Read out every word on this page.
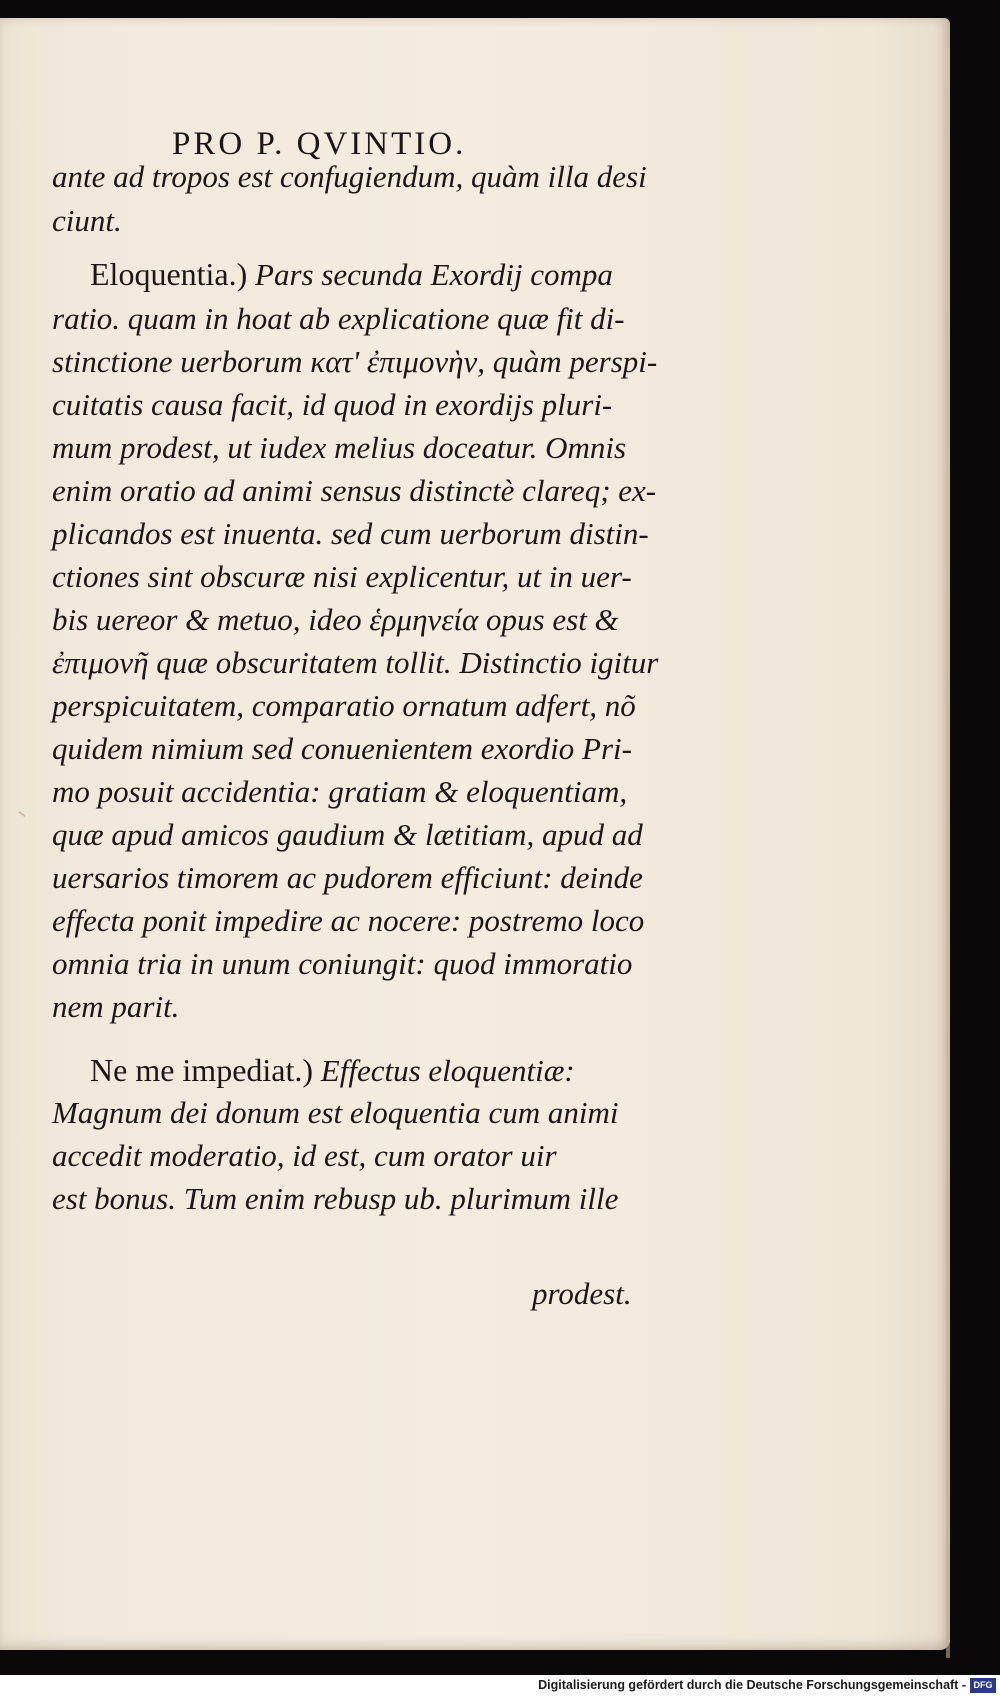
PRO P. QVINTIO.
ante ad tropos est confugiendum, quàm illa desi
ciunt.
Eloquentia.) Pars secunda Exordij compa
ratio. quam in hoat ab explicatione quæ fit di-
stinctione uerborum κατ' ἐπιμονὴν, quàm perspi-
cuitatis causa facit, id quod in exordijs pluri-
mum prodest, ut iudex melius doceatur. Omnis
enim oratio ad animi sensus distinctè clareq; ex-
plicandos est inuenta. sed cum uerborum distin-
ctiones sint obscuræ nisi explicentur, ut in uer-
bis uereor & metuo, ideo ἑρμηνεία opus est &
ἐπιμονῆ quæ obscuritatem tollit. Distinctio igitur
perspicuitatem, comparatio ornatum adfert, nõ
quidem nimium sed conuenientem exordio Pri-
mo posuit accidentia: gratiam & eloquentiam,
quæ apud amicos gaudium & lætitiam, apud ad
uersarios timorem ac pudorem efficiunt: deinde
effecta ponit impedire ac nocere: postremo loco
omnia tria in unum coniungit: quod immoratio
nem parit.
Ne me impediat.) Effectus eloquentiæ:
Magnum dei donum est eloquentia cum animi
accedit moderatio, id est, cum orator uir
est bonus. Tum enim rebusp ub. plurimum ille
prodest.
Digitalisierung gefördert durch die Deutsche Forschungsgemeinschaft - DFG
